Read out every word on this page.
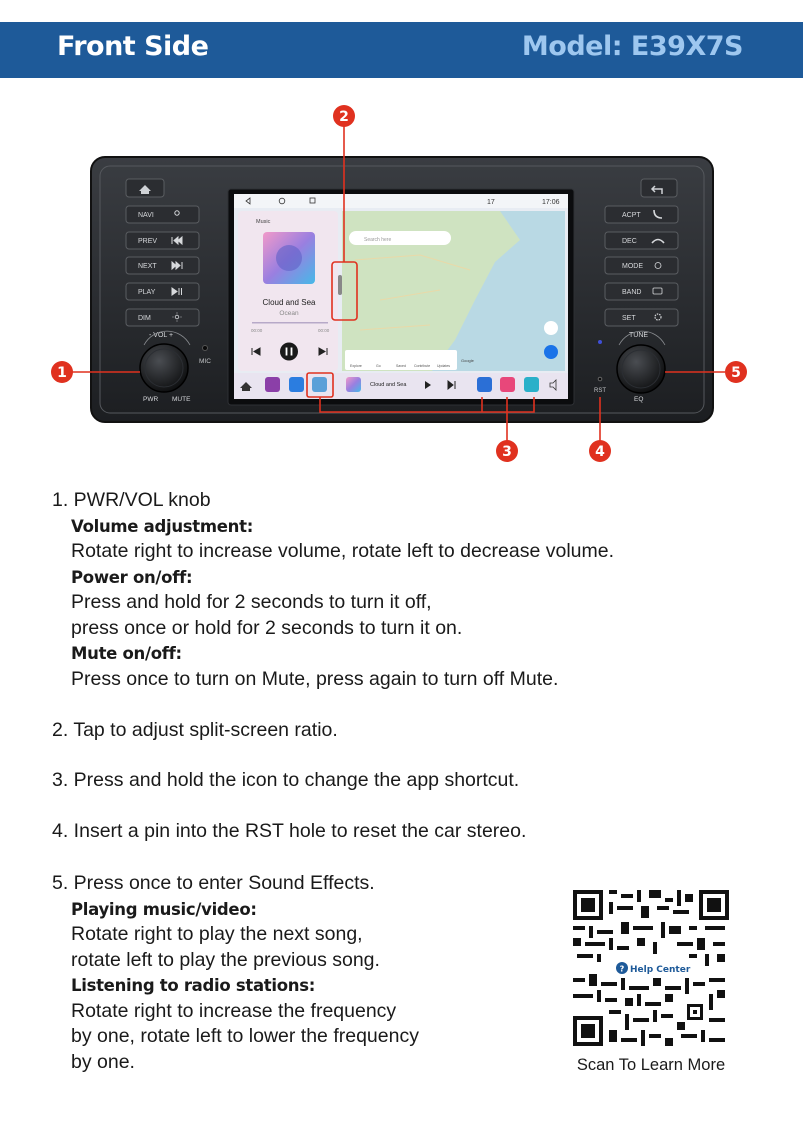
Front Side	Model: E39X7S
NAVI
PREV
NEXT
PLAY
DIM
ACPT
DEC
MODE
BAND
SET
- VOL +
MIC
PWR MUTE
TUNE
RST
EQ
17	17:06
Music
Cloud and Sea
Ocean
00:00	00:00
Search here
Explore	Go	Saved Contribute Updates
Google
Cloud and Sea
1
2
3	4
5
1. PWR/VOL knob
Volume adjustment:
Rotate right to increase volume, rotate left to decrease volume.
Power on/off:
Press and hold for 2 seconds to turn it off,
press once or hold for 2 seconds to turn it on.
Mute on/off:
Press once to turn on Mute, press again to turn off Mute.
2. Tap to adjust split-screen ratio.
3. Press and hold the icon to change the app shortcut.
4. Insert a pin into the RST hole to reset the car stereo.
5. Press once to enter Sound Effects.
Playing music/video:
Rotate right to play the next song,
rotate left to play the previous song.
Listening to radio stations:
Rotate right to increase the frequency
by one, rotate left to lower the frequency
by one.
? Help Center
Scan To Learn More
